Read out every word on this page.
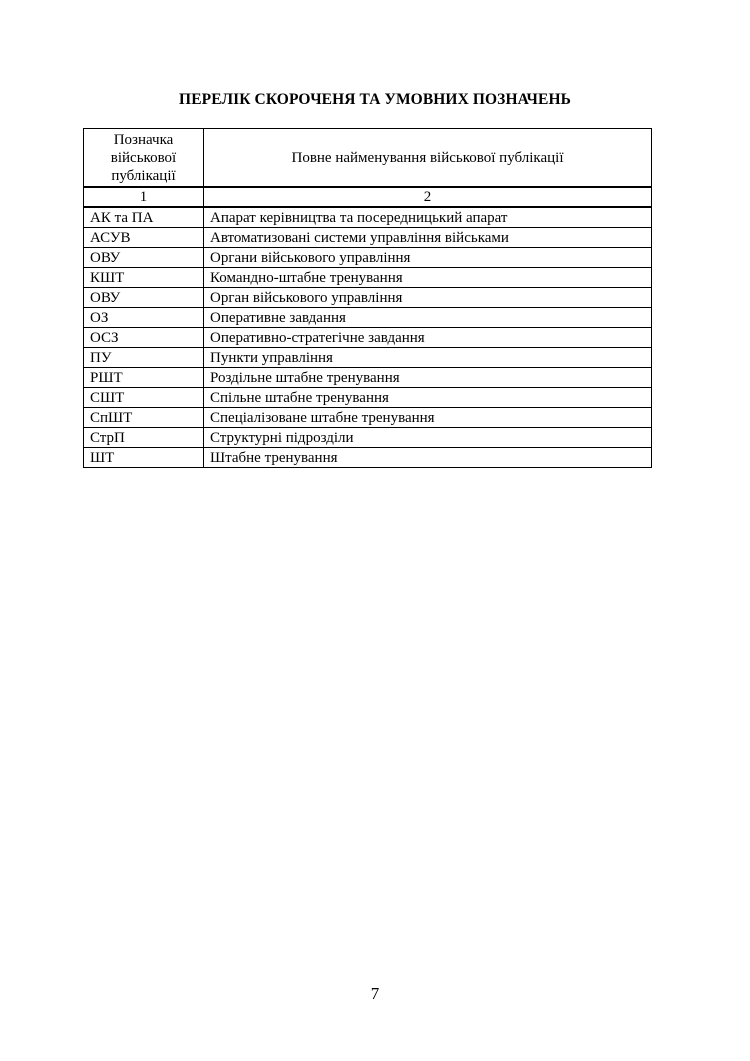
ПЕРЕЛІК СКОРОЧЕНЯ ТА УМОВНИХ ПОЗНАЧЕНЬ
Позначка військової публікації	Повне найменування військової публікації
1	2
АК та ПА	Апарат керівництва та посередницький апарат
АСУВ	Автоматизовані системи управління військами
ОВУ	Органи військового управління
КШТ	Командно-штабне тренування
ОВУ	Орган військового управління
ОЗ	Оперативне завдання
ОСЗ	Оперативно-стратегічне завдання
ПУ	Пункти управління
РШТ	Роздільне штабне тренування
СШТ	Спільне штабне тренування
СпШТ	Спеціалізоване штабне тренування
СтрП	Структурні підрозділи
ШТ	Штабне тренування
7
